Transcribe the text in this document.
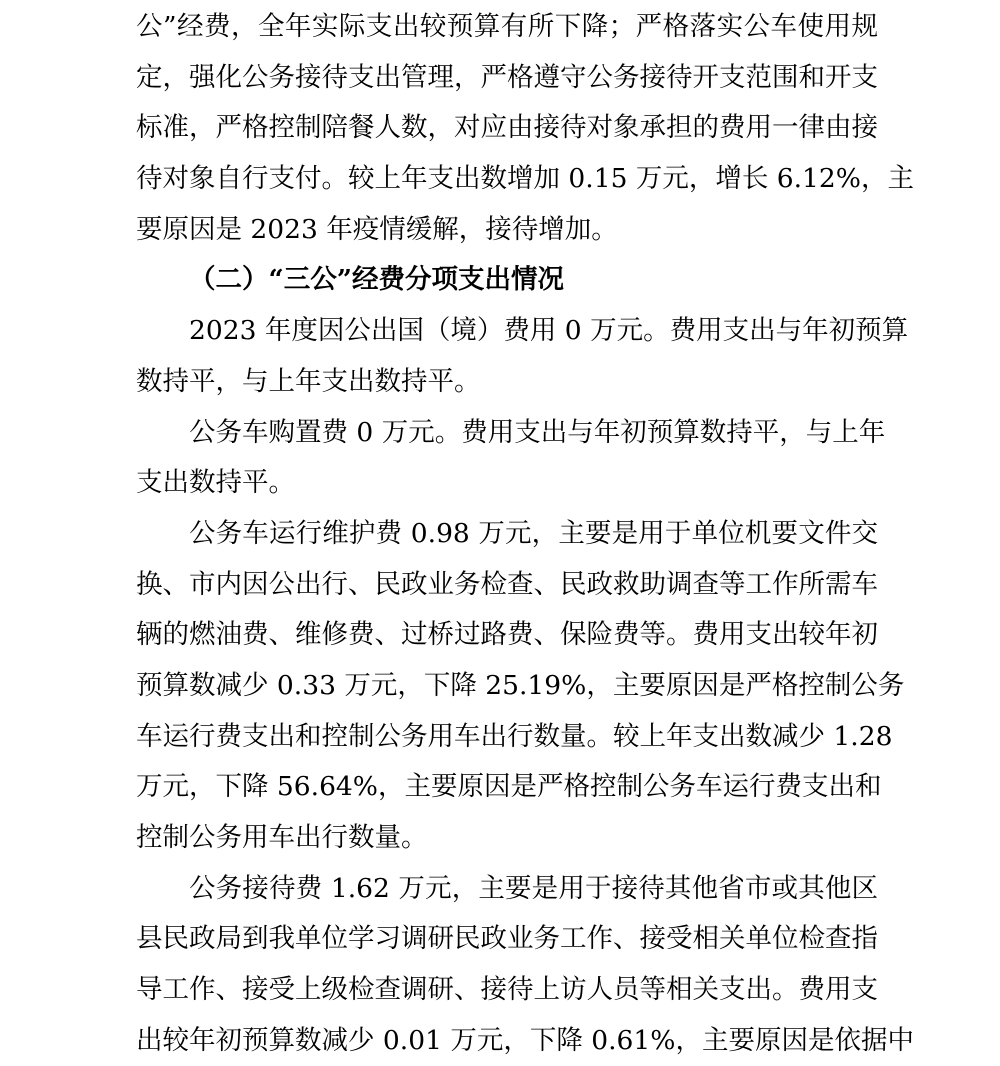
公”经费，全年实际支出较预算有所下降；严格落实公车使用规
定，强化公务接待支出管理，严格遵守公务接待开支范围和开支
标准，严格控制陪餐人数，对应由接待对象承担的费用一律由接
待对象自行支付。较上年支出数增加 0.15 万元，增长 6.12%，主
要原因是 2023 年疫情缓解，接待增加。
（二）“三公”经费分项支出情况
2023 年度因公出国（境）费用 0 万元。费用支出与年初预算
数持平，与上年支出数持平。
公务车购置费 0 万元。费用支出与年初预算数持平，与上年
支出数持平。
公务车运行维护费 0.98 万元，主要是用于单位机要文件交
换、市内因公出行、民政业务检查、民政救助调查等工作所需车
辆的燃油费、维修费、过桥过路费、保险费等。费用支出较年初
预算数减少 0.33 万元，下降 25.19%，主要原因是严格控制公务
车运行费支出和控制公务用车出行数量。较上年支出数减少 1.28
万元，下降 56.64%，主要原因是严格控制公务车运行费支出和
控制公务用车出行数量。
公务接待费 1.62 万元，主要是用于接待其他省市或其他区
县民政局到我单位学习调研民政业务工作、接受相关单位检查指
导工作、接受上级检查调研、接待上访人员等相关支出。费用支
出较年初预算数减少 0.01 万元，下降 0.61%，主要原因是依据中
